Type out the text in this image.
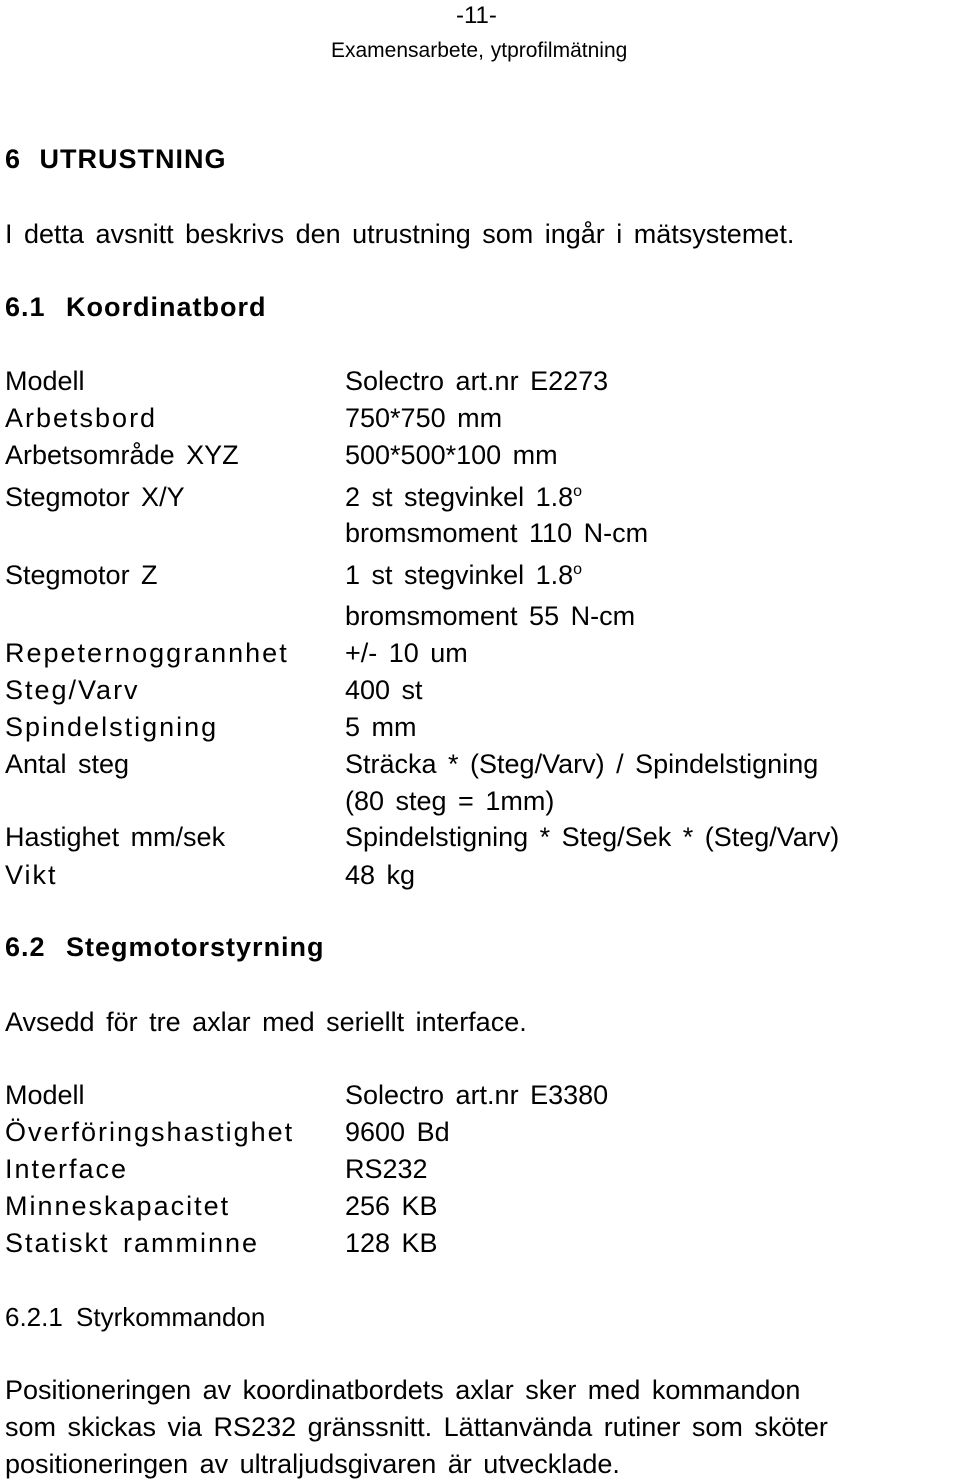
-11-
Examensarbete, ytprofilmätning
6 UTRUSTNING
I detta avsnitt beskrivs den utrustning som ingår i mätsystemet.
6.1 Koordinatbord
Modell	Solectro art.nr E2273
Arbetsbord	750*750 mm
Arbetsområde XYZ	500*500*100 mm
Stegmotor X/Y	2 st stegvinkel 1.8$^o$
bromsmoment 110 N-cm
Stegmotor Z	1 st stegvinkel 1.8$^o$
bromsmoment 55 N-cm
Repeternoggrannhet +/- 10 um
Steg/Varv	400 st
Spindelstigning	5 mm
Antal steg	Sträcka * (Steg/Varv) / Spindelstigning
(80 steg = 1mm)
Hastighet mm/sek	Spindelstigning * Steg/Sek * (Steg/Varv)
Vikt	48 kg
6.2 Stegmotorstyrning
Avsedd för tre axlar med seriellt interface.
Modell	Solectro art.nr E3380
Överföringshastighet 9600 Bd
Interface	RS232
Minneskapacitet	256 KB
Statiskt ramminne	128 KB
6.2.1 Styrkommandon
Positioneringen av koordinatbordets axlar sker med kommandon
som skickas via RS232 gränssnitt. Lättanvända rutiner som sköter
positioneringen av ultraljudsgivaren är utvecklade.
